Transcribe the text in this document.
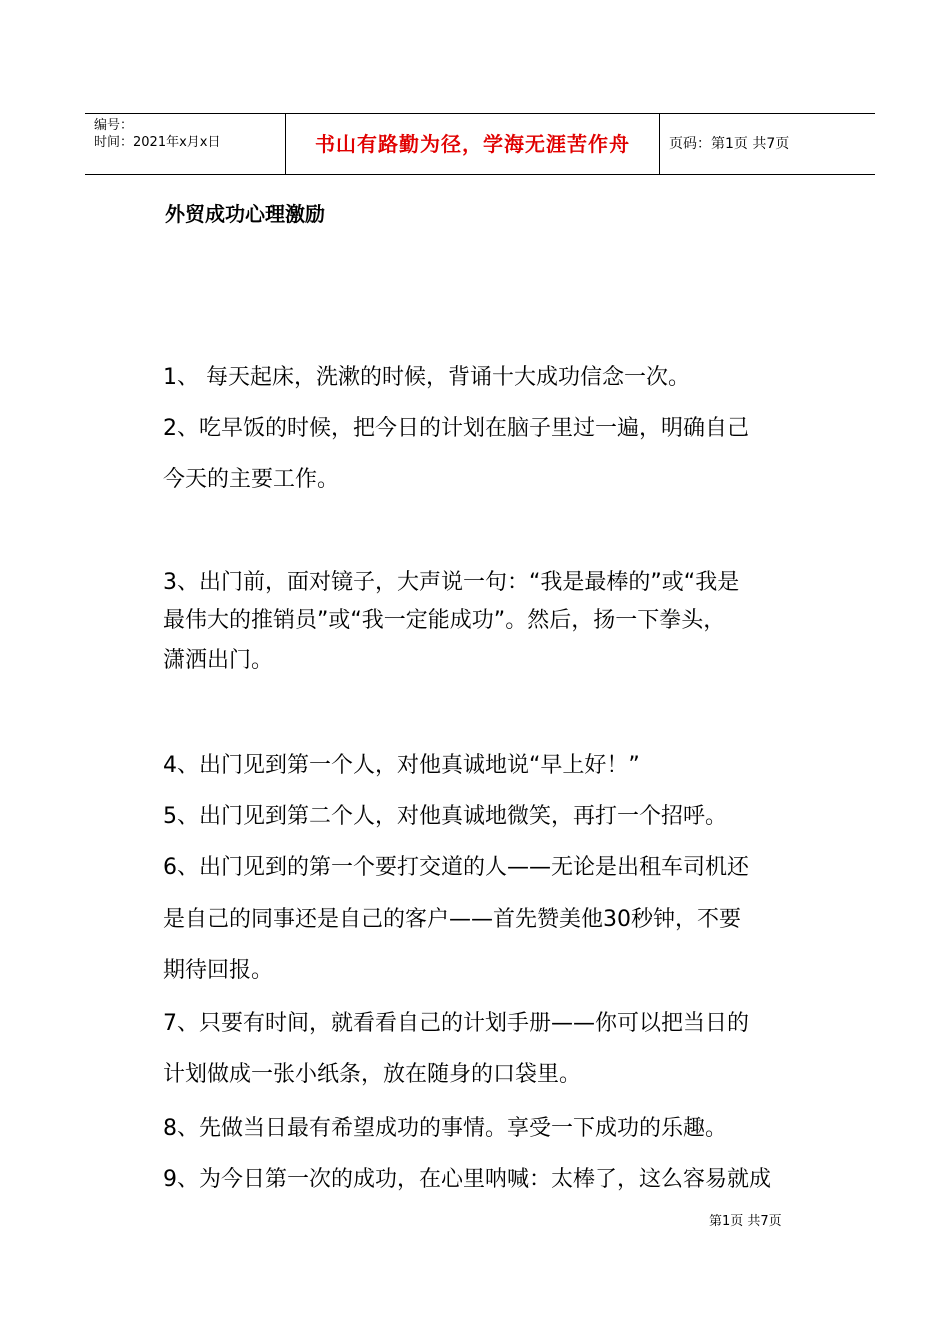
编号：
时间：2021年x月x日	书山有路勤为径，学海无涯苦作舟	页码：第1页 共7页
外贸成功心理激励
1、 每天起床，洗漱的时候，背诵十大成功信念一次。
2、吃早饭的时候，把今日的计划在脑子里过一遍，明确自己
今天的主要工作。
3、出门前，面对镜子，大声说一句：“我是最棒的”或“我是
最伟大的推销员”或“我一定能成功”。然后，扬一下拳头，
潇洒出门。
4、出门见到第一个人，对他真诚地说“早上好！”
5、出门见到第二个人，对他真诚地微笑，再打一个招呼。
6、出门见到的第一个要打交道的人——无论是出租车司机还
是自己的同事还是自己的客户——首先赞美他30秒钟，不要
期待回报。
7、只要有时间，就看看自己的计划手册——你可以把当日的
计划做成一张小纸条，放在随身的口袋里。
8、先做当日最有希望成功的事情。享受一下成功的乐趣。
9、为今日第一次的成功，在心里呐喊：太棒了，这么容易就成
第1页 共7页
